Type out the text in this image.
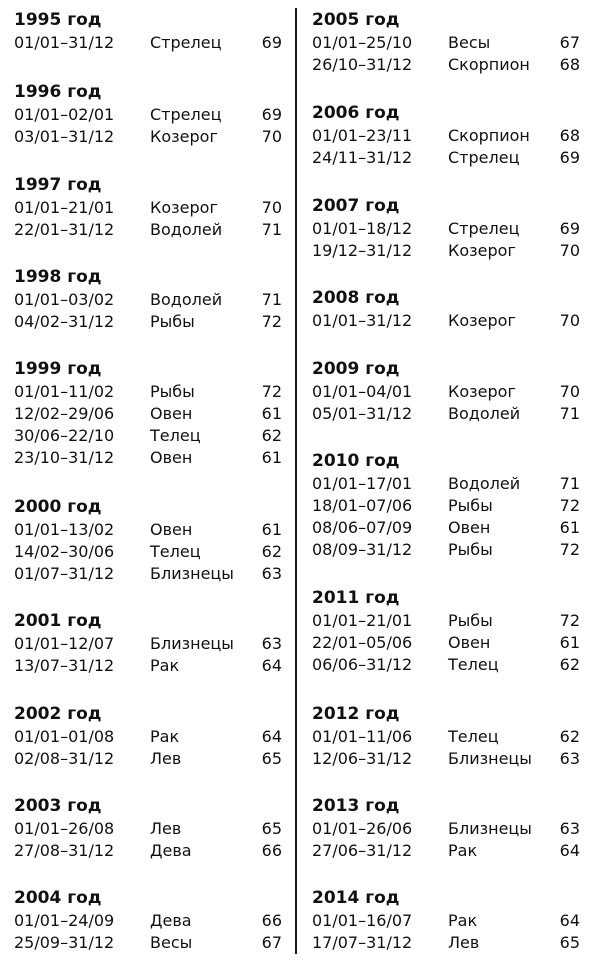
1995 год
01/01–31/12 Стрелец	69
1996 год
01/01–02/01 Стрелец	69
03/01–31/12 Козерог	70
1997 год
01/01–21/01 Козерог	70
22/01–31/12 Водолей 71
1998 год
01/01–03/02 Водолей 71
04/02–31/12 Рыбы	72
1999 год
01/01–11/02 Рыбы	72
12/02–29/06 Овен	61
30/06–22/10 Телец	62
23/10–31/12 Овен	61
2000 год
01/01–13/02 Овен	61
14/02–30/06 Телец	62
01/07–31/12 Близнецы 63
2001 год
01/01–12/07 Близнецы 63
13/07–31/12 Рак	64
2002 год
01/01–01/08 Рак	64
02/08–31/12 Лев	65
2003 год
01/01–26/08 Лев	65
27/08–31/12 Дева	66
2004 год
01/01–24/09 Дева	66
25/09–31/12 Весы	67
2005 год
01/01–25/10 Весы	67
26/10–31/12 Скорпион 68
2006 год
01/01–23/11 Скорпион 68
24/11–31/12 Стрелец	69
2007 год
01/01–18/12 Стрелец	69
19/12–31/12 Козерог	70
2008 год
01/01–31/12 Козерог	70
2009 год
01/01–04/01 Козерог	70
05/01–31/12 Водолей 71
2010 год
01/01–17/01 Водолей 71
18/01–07/06 Рыбы	72
08/06–07/09 Овен	61
08/09–31/12 Рыбы	72
2011 год
01/01–21/01 Рыбы	72
22/01–05/06 Овен	61
06/06–31/12 Телец	62
2012 год
01/01–11/06 Телец	62
12/06–31/12 Близнецы 63
2013 год
01/01–26/06 Близнецы 63
27/06–31/12 Рак	64
2014 год
01/01–16/07 Рак	64
17/07–31/12 Лев	65
